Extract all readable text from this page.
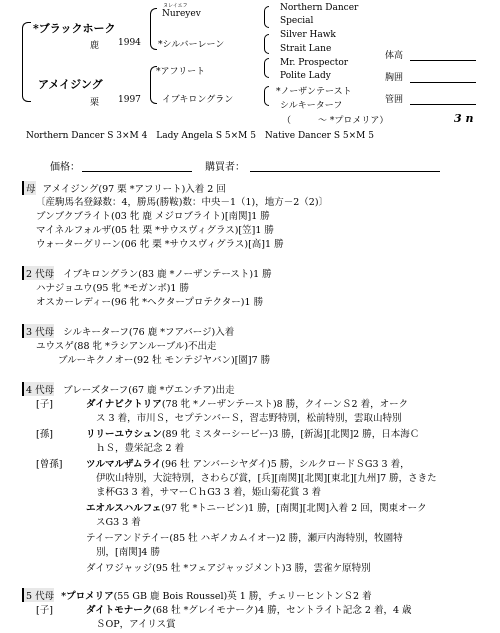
*ブラックホーク
鹿 1994
アメイジング
栗 1997
ヌレイエフ
Nureyev
*シルバーレーン
*アフリート
イブキロングラン
Northern Dancer
Special
Silver Hawk
Strait Lane
Mr. Prospector
Polite Lady
*ノーザンテースト
シルキーターフ
体高
胸囲
管囲
（　　　〜 *プロメリア）	3 n
Northern Dancer S 3×M 4　Lady Angela S 5×M 5　Native Dancer S 5×M 5
価格：	購買者：
母 アメイジング(97 栗 *アフリート)入着 2 回
〔産駒馬名登録数：4，勝馬(勝鞍)数：中央－1（1)，地方－2（2)〕
ブンブクブライト(03 牝 鹿 メジロブライト)[南関]1 勝
マイネルフォルザ(05 牡 栗 *サウスヴィグラス)[笠]1 勝
ウォーターグリーン(06 牝 栗 *サウスヴィグラス)[高]1 勝
2 代母 イブキロングラン(83 鹿 *ノーザンテースト)1 勝
ハナジョユウ(95 牝 *モガンボ)1 勝
オスカーレディー(96 牝 *ヘクタープロテクター)1 勝
3 代母 シルキーターフ(76 鹿 *フアバージ)入着
ユウスゲ(88 牝 *ラシアンルーブル)不出走
ブルーキクノオー(92 牡 モンテジヤバン)[園]7 勝
4 代母 ブレーズターフ(67 鹿 *ヴエンチア)出走
[子]	ダイナビクトリア(78 牝 *ノーザンテースト)8 勝，クイーンＳ2 着，オーク
ス 3 着，市川Ｓ，セプテンバーＳ，習志野特別，松前特別，雲取山特別
[孫]	リリーユウシュン(89 牝 ミスターシービー)3 勝，[新潟][北関]2 勝，日本海Ｃ
ｈＳ，豊栄記念 2 着
[曾孫] ツルマルザムライ(96 牡 アンバーシヤダイ)5 勝，シルクロードＳG3 3 着，
伊吹山特別，大淀特別，さわらび賞，[兵][南関][北関][東北][九州]7 勝，さきた
ま杯G3 3 着，サマーＣｈG3 3 着，姫山菊花賞 3 着
エオルスハルフェ(97 牝 *トニービン)1 勝，[南関][北関]入着 2 回，関東オーク
スG3 3 着
テイーアンドテイー(85 牡 ハギノカムイオー)2 勝，瀬戸内海特別，牧園特
別，[南関]4 勝
ダイワジャッジ(95 牡 *フェアジャッジメント)3 勝，雲雀ケ原特別
5 代母 *プロメリア(55 GB 鹿 Bois Roussel)英 1 勝，チェリーヒントンＳ2 着
[子]	ダイトモナーク(68 牡 *グレイモナーク)4 勝，セントライト記念 2 着，4 歳
ＳOP，アイリス賞
